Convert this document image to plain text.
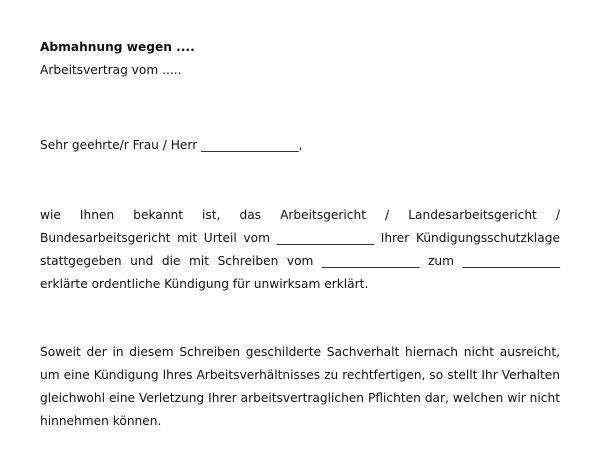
Abmahnung wegen ....

Arbeitsvertrag vom .....

Sehr geehrte/r Frau / Herr ________________,

wie Ihnen bekannt ist, das Arbeitsgericht / Landesarbeitsgericht /
Bundesarbeitsgericht mit Urteil vom ________________ Ihrer Kündigungsschutzklage
stattgegeben und die mit Schreiben vom ________________ zum ________________
erklärte ordentliche Kündigung für unwirksam erklärt.
Soweit der in diesem Schreiben geschilderte Sachverhalt hiernach nicht ausreicht,
um eine Kündigung Ihres Arbeitsverhältnisses zu rechtfertigen, so stellt Ihr Verhalten
gleichwohl eine Verletzung Ihrer arbeitsvertraglichen Pflichten dar, welchen wir nicht
hinnehmen können.
